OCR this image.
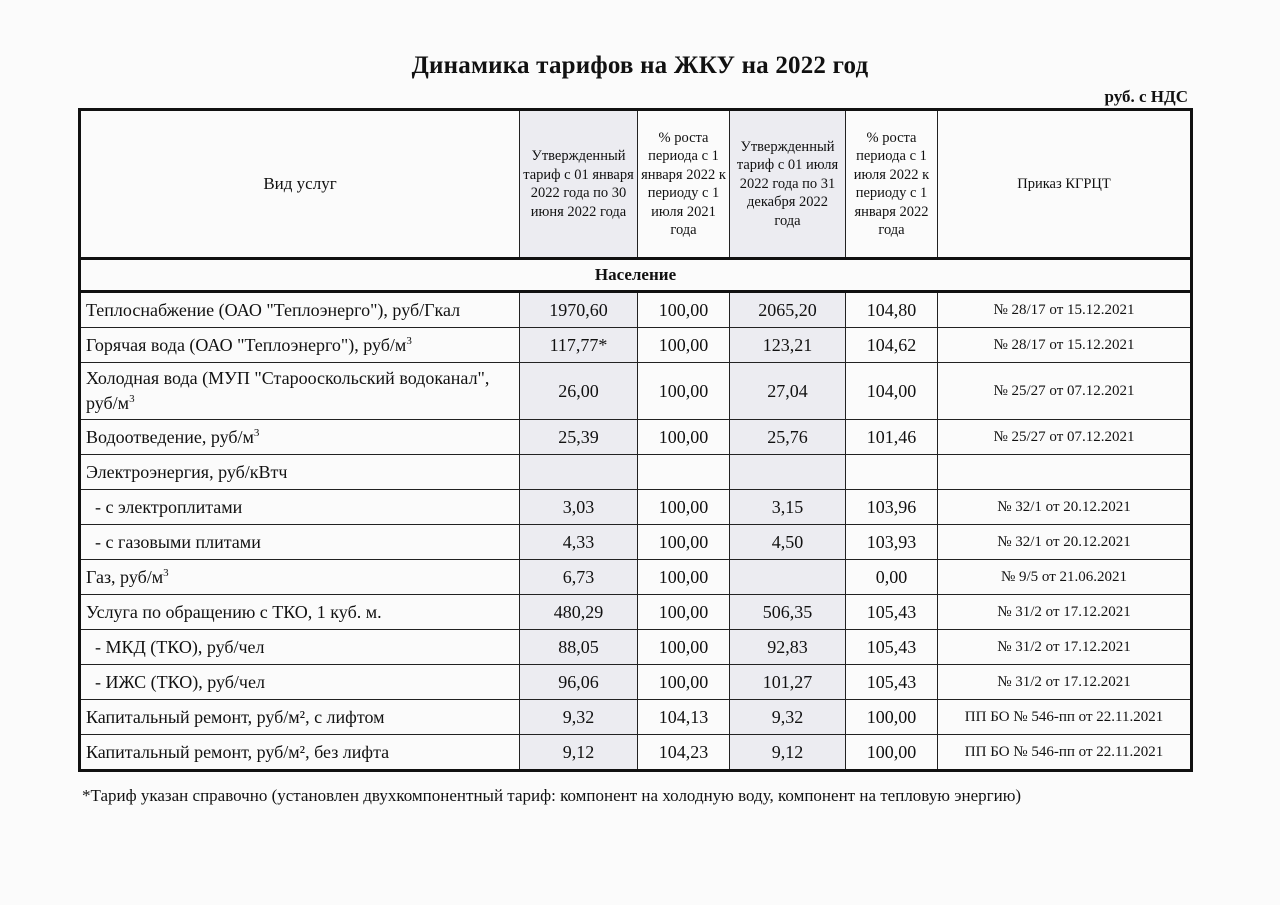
Динамика тарифов на ЖКУ на 2022 год
руб. с НДС
Вид услуг	Утвержденный тариф с 01 января 2022 года по 30 июня 2022 года	% роста периода с 1 января 2022 к периоду с 1 июля 2021 года	Утвержденный тариф с 01 июля 2022 года по 31 декабря 2022 года	% роста периода с 1 июля 2022 к периоду с 1 января 2022 года	Приказ КГРЦТ
Население					
Теплоснабжение (ОАО "Теплоэнерго"), руб/Гкал	1970,60	100,00	2065,20	104,80	№ 28/17 от 15.12.2021
Горячая вода (ОАО "Теплоэнерго"), руб/$м^3$	117,77*	100,00	123,21	104,62	№ 28/17 от 15.12.2021
Холодная вода (МУП "Старооскольский водоканал", руб/$м^3$	26,00	100,00	27,04	104,00	№ 25/27 от 07.12.2021
Водоотведение, руб/$м^3$	25,39	100,00	25,76	101,46	№ 25/27 от 07.12.2021
Электроэнергия, руб/кВтч					
- с электроплитами	3,03	100,00	3,15	103,96	№ 32/1 от 20.12.2021
- с газовыми плитами	4,33	100,00	4,50	103,93	№ 32/1 от 20.12.2021
Газ, руб/$м^3$	6,73	100,00		0,00	№ 9/5 от 21.06.2021
Услуга по обращению с ТКО, 1 куб. м.	480,29	100,00	506,35	105,43	№ 31/2 от 17.12.2021
- МКД (ТКО), руб/чел	88,05	100,00	92,83	105,43	№ 31/2 от 17.12.2021
- ИЖС (ТКО), руб/чел	96,06	100,00	101,27	105,43	№ 31/2 от 17.12.2021
Капитальный ремонт, руб/м², с лифтом	9,32	104,13	9,32	100,00	ПП БО № 546-пп от 22.11.2021
Капитальный ремонт, руб/м², без лифта	9,12	104,23	9,12	100,00	ПП БО № 546-пп от 22.11.2021
*Тариф указан справочно (установлен двухкомпонентный тариф: компонент на холодную воду, компонент на тепловую энергию)
